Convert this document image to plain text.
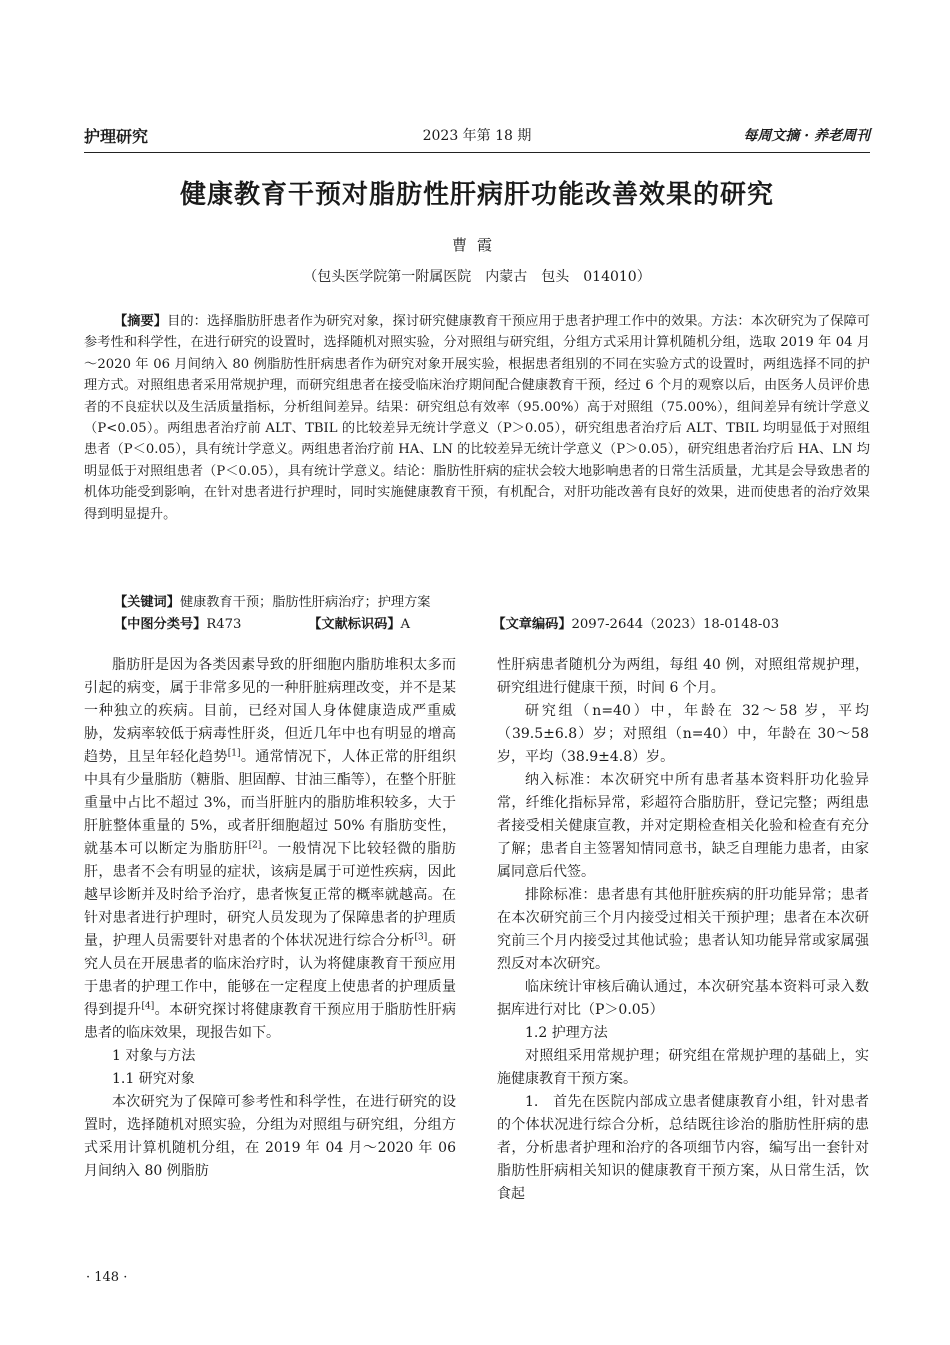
护理研究	2023 年第 18 期	每周文摘 · 养老周刊
健康教育干预对脂肪性肝病肝功能改善效果的研究
曹霞
（包头医学院第一附属医院　内蒙古　包头　014010）

【摘要】目的：选择脂肪肝患者作为研究对象，探讨研究健康教育干预应用于患者护理工作中的效果。方法：本次研究为了保障可参考性和科学性，在进行研究的设置时，选择随机对照实验，分对照组与研究组，分组方式采用计算机随机分组，选取 2019 年 04 月～2020 年 06 月间纳入 80 例脂肪性肝病患者作为研究对象开展实验，根据患者组别的不同在实验方式的设置时，两组选择不同的护理方式。对照组患者采用常规护理，而研究组患者在接受临床治疗期间配合健康教育干预，经过 6 个月的观察以后，由医务人员评价患者的不良症状以及生活质量指标，分析组间差异。结果：研究组总有效率（95.00%）高于对照组（75.00%），组间差异有统计学意义（P<0.05）。两组患者治疗前 ALT、TBIL 的比较差异无统计学意义（P＞0.05），研究组患者治疗后 ALT、TBIL 均明显低于对照组患者（P＜0.05），具有统计学意义。两组患者治疗前 HA、LN 的比较差异无统计学意义（P＞0.05），研究组患者治疗后 HA、LN 均明显低于对照组患者（P＜0.05），具有统计学意义。结论：脂肪性肝病的症状会较大地影响患者的日常生活质量，尤其是会导致患者的机体功能受到影响，在针对患者进行护理时，同时实施健康教育干预，有机配合，对肝功能改善有良好的效果，进而使患者的治疗效果得到明显提升。

【关键词】健康教育干预；脂肪性肝病治疗；护理方案
【中图分类号】R473	【文献标识码】A	【文章编码】2097-2644（2023）18-0148-03

脂肪肝是因为各类因素导致的肝细胞内脂肪堆积太多而引起的病变，属于非常多见的一种肝脏病理改变，并不是某一种独立的疾病。目前，已经对国人身体健康造成严重威胁，发病率较低于病毒性肝炎，但近几年中也有明显的增高趋势，且呈年轻化趋势[1]。通常情况下，人体正常的肝组织中具有少量脂肪（糖脂、胆固醇、甘油三酯等），在整个肝脏重量中占比不超过 3%，而当肝脏内的脂肪堆积较多，大于肝脏整体重量的 5%，或者肝细胞超过 50% 有脂肪变性，就基本可以断定为脂肪肝[2]。一般情况下比较轻微的脂肪肝，患者不会有明显的症状，该病是属于可逆性疾病，因此越早诊断并及时给予治疗，患者恢复正常的概率就越高。在针对患者进行护理时，研究人员发现为了保障患者的护理质量，护理人员需要针对患者的个体状况进行综合分析[3]。研究人员在开展患者的临床治疗时，认为将健康教育干预应用于患者的护理工作中，能够在一定程度上使患者的护理质量得到提升[4]。本研究探讨将健康教育干预应用于脂肪性肝病患者的临床效果，现报告如下。

1 对象与方法

1.1 研究对象

本次研究为了保障可参考性和科学性，在进行研究的设置时，选择随机对照实验，分组为对照组与研究组，分组方式采用计算机随机分组，在 2019 年 04 月～2020 年 06 月间纳入 80 例脂肪

性肝病患者随机分为两组，每组 40 例，对照组常规护理，研究组进行健康干预，时间 6 个月。

研究组（n=40）中，年龄在 32～58 岁，平均（39.5±6.8）岁；对照组（n=40）中，年龄在 30～58 岁，平均（38.9±4.8）岁。

纳入标准：本次研究中所有患者基本资料肝功化验异常，纤维化指标异常，彩超符合脂肪肝，登记完整；两组患者接受相关健康宣教，并对定期检查相关化验和检查有充分了解；患者自主签署知情同意书，缺乏自理能力患者，由家属同意后代签。

排除标准：患者患有其他肝脏疾病的肝功能异常；患者在本次研究前三个月内接受过相关干预护理；患者在本次研究前三个月内接受过其他试验；患者认知功能异常或家属强烈反对本次研究。

临床统计审核后确认通过，本次研究基本资料可录入数据库进行对比（P＞0.05）

1.2 护理方法

对照组采用常规护理；研究组在常规护理的基础上，实施健康教育干预方案。

1.　首先在医院内部成立患者健康教育小组，针对患者的个体状况进行综合分析，总结既往诊治的脂肪性肝病的患者，分析患者护理和治疗的各项细节内容，编写出一套针对脂肪性肝病相关知识的健康教育干预方案，从日常生活，饮食起

· 148 ·
